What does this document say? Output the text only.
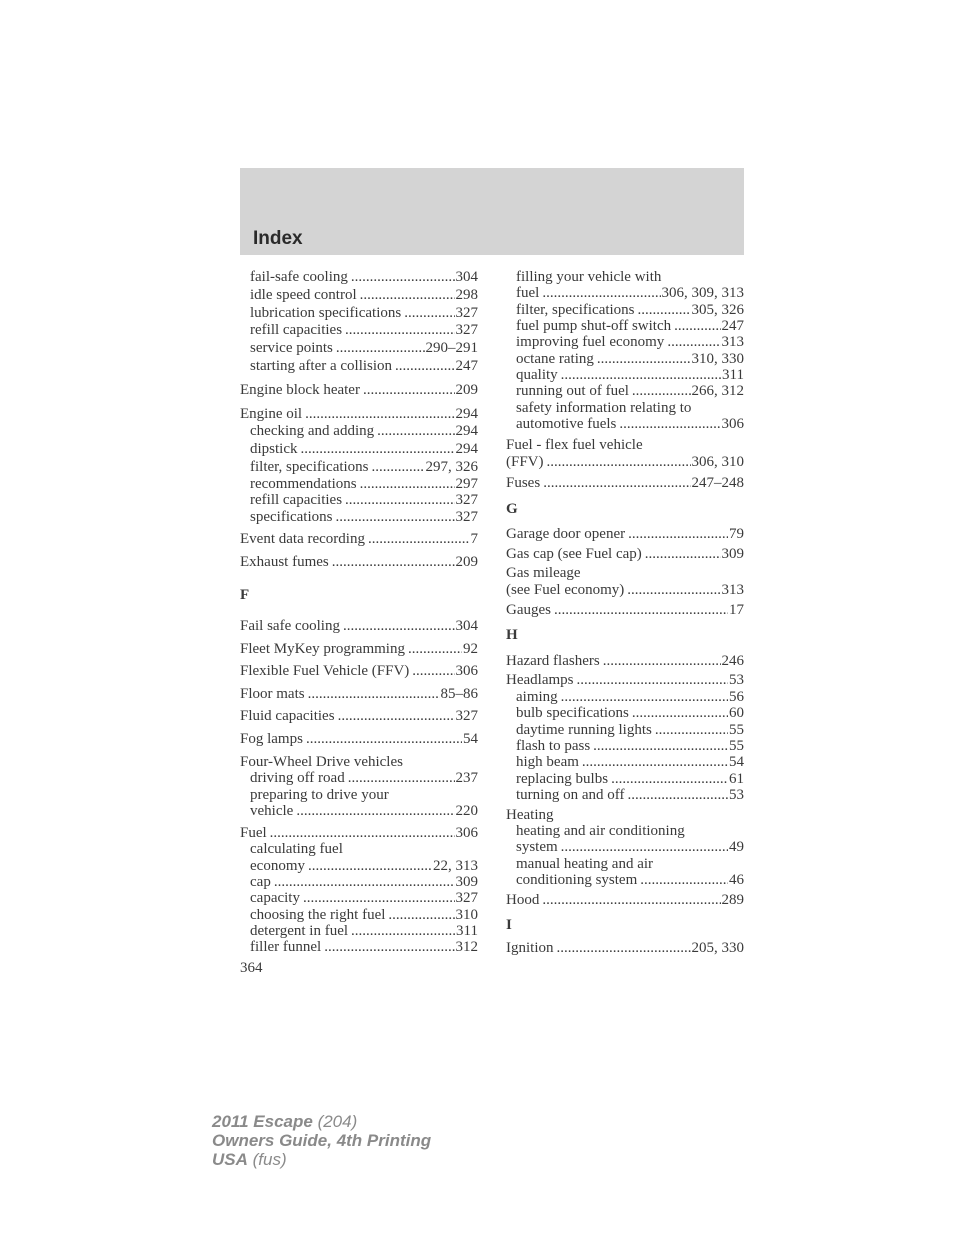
Index
fail-safe cooling .....	304
idle speed control .....	298
lubrication specifications .....	327
refill capacities .....	327
service points .....	290–291
starting after a collision .....	247
Engine block heater .....	209
Engine oil .....	294
checking and adding .....	294
dipstick .....	294
filter, specifications .....	297, 326
recommendations .....	297
refill capacities .....	327
specifications .....	327
Event data recording .....	7
Exhaust fumes .....	209
F
Fail safe cooling .....	304
Fleet MyKey programming .....	92
Flexible Fuel Vehicle (FFV) .....	306
Floor mats .....	85–86
Fluid capacities .....	327
Fog lamps .....	54
Four-Wheel Drive vehicles
driving off road .....	237
preparing to drive your
vehicle .....	220
Fuel .....	306
calculating fuel
economy .....	22, 313
cap .....	309
capacity .....	327
choosing the right fuel .....	310
detergent in fuel .....	311
filler funnel .....	312
filling your vehicle with
fuel .....	306, 309, 313
filter, specifications .....	305, 326
fuel pump shut-off switch .....	247
improving fuel economy .....	313
octane rating .....	310, 330
quality .....	311
running out of fuel .....	266, 312
safety information relating to
automotive fuels .....	306
Fuel - flex fuel vehicle
(FFV) .....	306, 310
Fuses .....	247–248
G
Garage door opener .....	79
Gas cap (see Fuel cap) .....	309
Gas mileage
(see Fuel economy) .....	313
Gauges .....	17
H
Hazard flashers .....	246
Headlamps .....	53
aiming .....	56
bulb specifications .....	60
daytime running lights .....	55
flash to pass .....	55
high beam .....	54
replacing bulbs .....	61
turning on and off .....	53
Heating
heating and air conditioning
system .....	49
manual heating and air
conditioning system .....	46
Hood .....	289
I
Ignition .....	205, 330
364
2011 Escape (204)
Owners Guide, 4th Printing
USA (fus)
